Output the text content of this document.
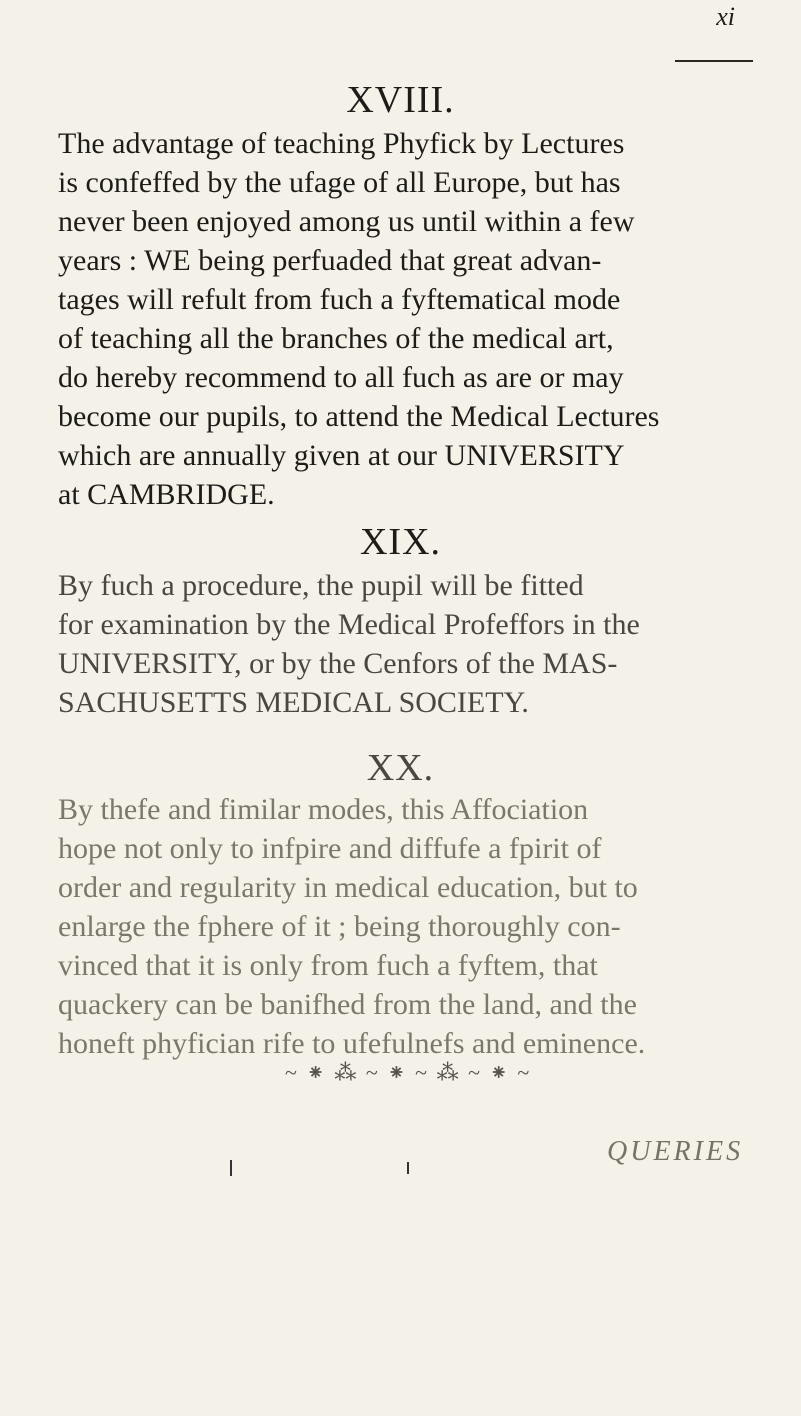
xi
XVIII.
The advantage of teaching Phyfick by Lectures
is confeffed by the ufage of all Europe, but has
never been enjoyed among us until within a few
years : WE being perfuaded that great advan-
tages will refult from fuch a fyftematical mode
of teaching all the branches of the medical art,
do hereby recommend to all fuch as are or may
become our pupils, to attend the Medical Lectures
which are annually given at our UNIVERSITY
at CAMBRIDGE.
XIX.
By fuch a procedure, the pupil will be fitted
for examination by the Medical Profeffors in the
UNIVERSITY, or by the Cenfors of the MAS-
SACHUSETTS MEDICAL SOCIETY.
XX.
By thefe and fimilar modes, this Affociation
hope not only to infpire and diffufe a fpirit of
order and regularity in medical education, but to
enlarge the fphere of it ; being thoroughly con-
vinced that it is only from fuch a fyftem, that
quackery can be banifhed from the land, and the
honeft phyfician rife to ufefulnefs and eminence.
~ ⁕ ⁂ ~ ⁕ ~ ⁂ ~ ⁕ ~
QUERIES
